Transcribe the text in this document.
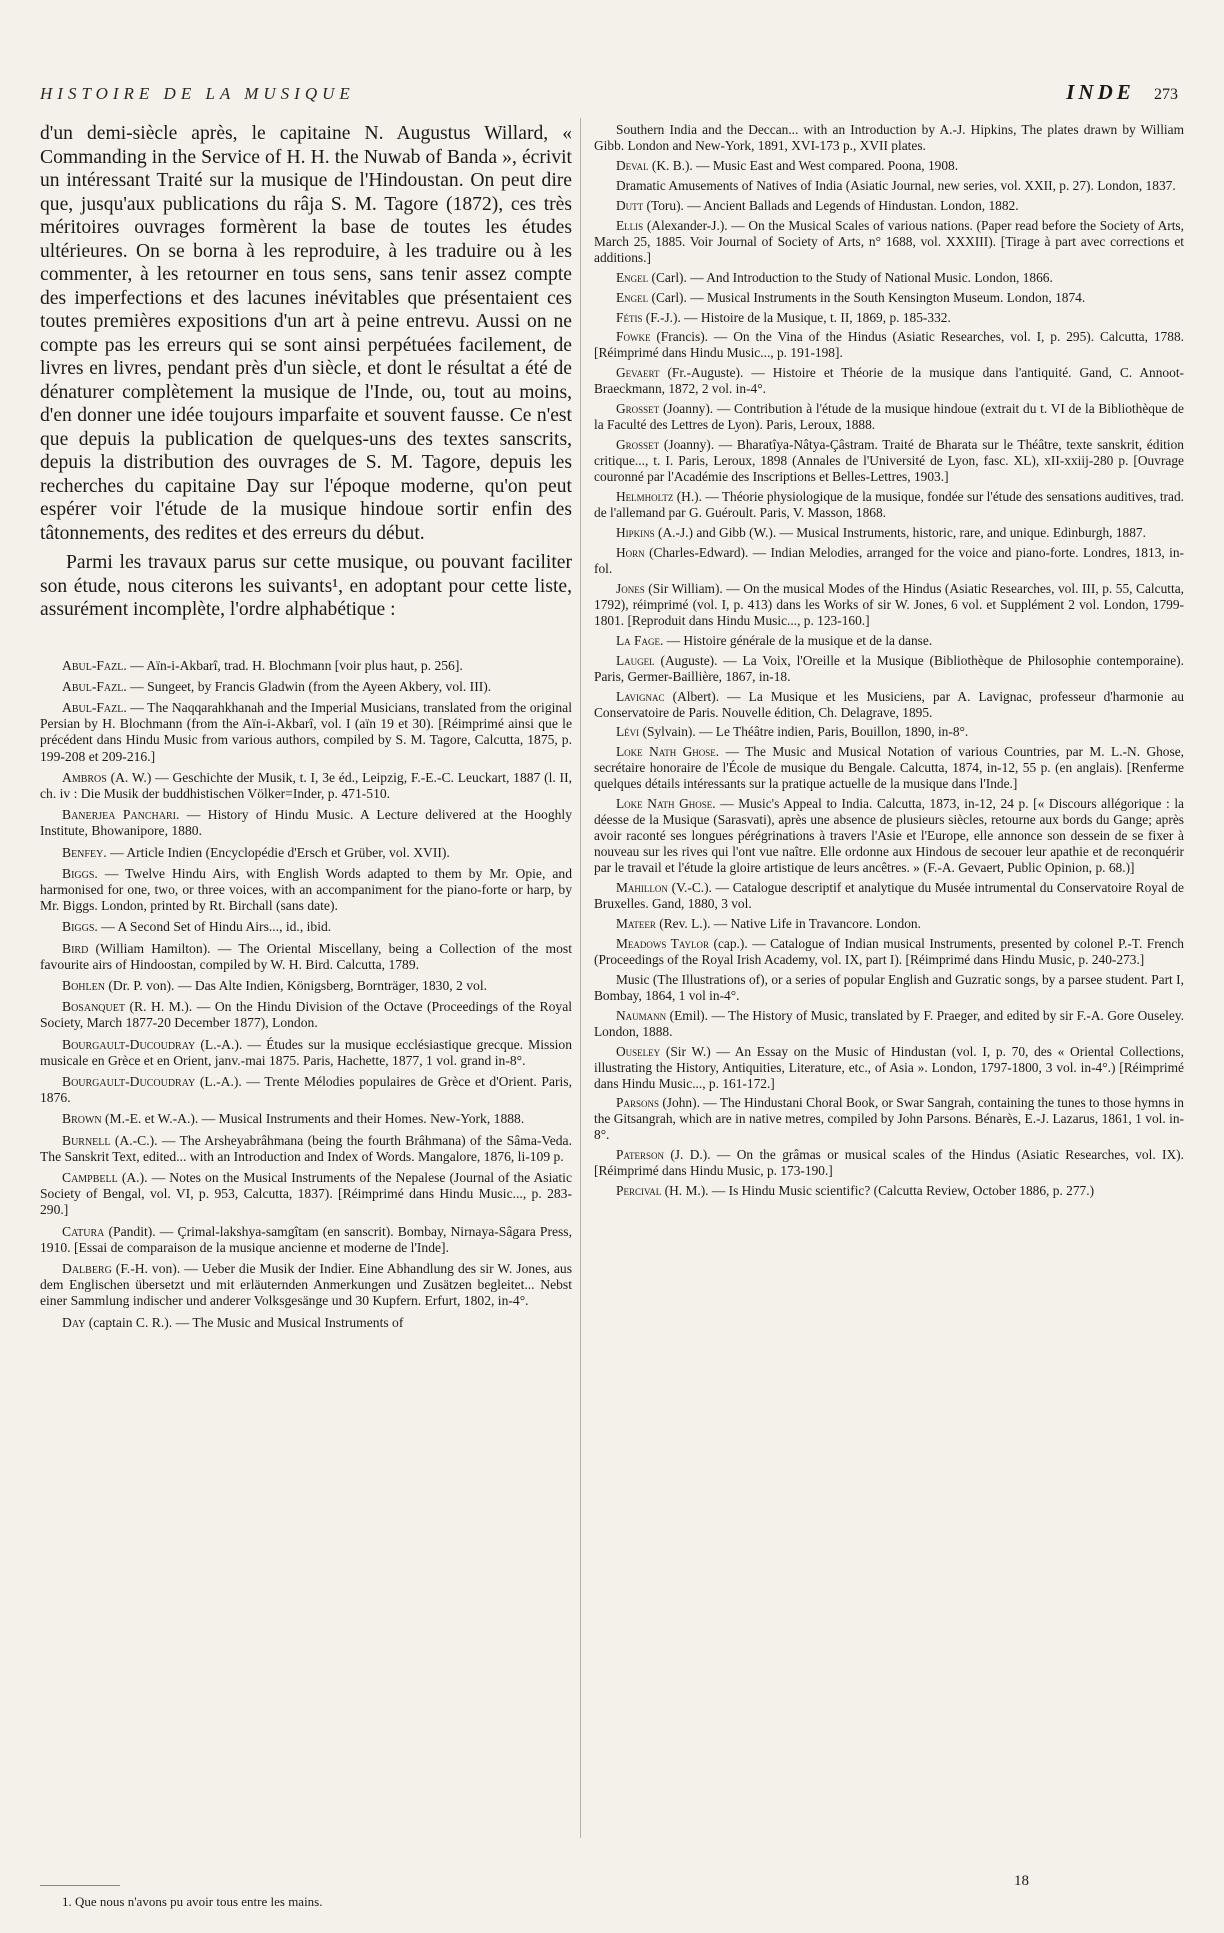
HISTOIRE DE LA MUSIQUE	INDE 273

d'un demi-siècle après, le capitaine N. Augustus Willard, « Commanding in the Service of H. H. the Nuwab of Banda », écrivit un intéressant Traité sur la musique de l'Hindoustan. On peut dire que, jusqu'aux publications du râja S. M. Tagore (1872), ces très méritoires ouvrages formèrent la base de toutes les études ultérieures. On se borna à les reproduire, à les traduire ou à les commenter, à les retourner en tous sens, sans tenir assez compte des imperfections et des lacunes inévitables que présentaient ces toutes premières expositions d'un art à peine entrevu. Aussi on ne compte pas les erreurs qui se sont ainsi perpétuées facilement, de livres en livres, pendant près d'un siècle, et dont le résultat a été de dénaturer complètement la musique de l'Inde, ou, tout au moins, d'en donner une idée toujours imparfaite et souvent fausse. Ce n'est que depuis la publication de quelques-uns des textes sanscrits, depuis la distribution des ouvrages de S. M. Tagore, depuis les recherches du capitaine Day sur l'époque moderne, qu'on peut espérer voir l'étude de la musique hindoue sortir enfin des tâtonnements, des redites et des erreurs du début.

Parmi les travaux parus sur cette musique, ou pouvant faciliter son étude, nous citerons les suivants¹, en adoptant pour cette liste, assurément incomplète, l'ordre alphabétique :

Abul-Fazl. — Aïn-i-Akbarî, trad. H. Blochmann [voir plus haut, p. 256].

Abul-Fazl. — Sungeet, by Francis Gladwin (from the Ayeen Akbery, vol. III).

Abul-Fazl. — The Naqqarahkhanah and the Imperial Musicians, translated from the original Persian by H. Blochmann (from the Aïn-i-Akbarî, vol. I (aïn 19 et 30). [Réimprimé ainsi que le précédent dans Hindu Music from various authors, compiled by S. M. Tagore, Calcutta, 1875, p. 199-208 et 209-216.]

Ambros (A. W.) — Geschichte der Musik, t. I, 3e éd., Leipzig, F.-E.-C. Leuckart, 1887 (l. II, ch. iv : Die Musik der buddhistischen Völker=Inder, p. 471-510.

Banerjea Panchari. — History of Hindu Music. A Lecture delivered at the Hooghly Institute, Bhowanipore, 1880.

Benfey. — Article Indien (Encyclopédie d'Ersch et Grüber, vol. XVII).

Biggs. — Twelve Hindu Airs, with English Words adapted to them by Mr. Opie, and harmonised for one, two, or three voices, with an accompaniment for the piano-forte or harp, by Mr. Biggs. London, printed by Rt. Birchall (sans date).

Biggs. — A Second Set of Hindu Airs..., id., ibid.

Bird (William Hamilton). — The Oriental Miscellany, being a Collection of the most favourite airs of Hindoostan, compiled by W. H. Bird. Calcutta, 1789.

Bohlen (Dr. P. von). — Das Alte Indien, Königsberg, Bornträger, 1830, 2 vol.

Bosanquet (R. H. M.). — On the Hindu Division of the Octave (Proceedings of the Royal Society, March 1877-20 December 1877), London.

Bourgault-Ducoudray (L.-A.). — Études sur la musique ecclésiastique grecque. Mission musicale en Grèce et en Orient, janv.-mai 1875. Paris, Hachette, 1877, 1 vol. grand in-8°.

Bourgault-Ducoudray (L.-A.). — Trente Mélodies populaires de Grèce et d'Orient. Paris, 1876.

Brown (M.-E. et W.-A.). — Musical Instruments and their Homes. New-York, 1888.

Burnell (A.-C.). — The Arsheyabrâhmana (being the fourth Brâhmana) of the Sâma-Veda. The Sanskrit Text, edited... with an Introduction and Index of Words. Mangalore, 1876, li-109 p.

Campbell (A.). — Notes on the Musical Instruments of the Nepalese (Journal of the Asiatic Society of Bengal, vol. VI, p. 953, Calcutta, 1837). [Réimprimé dans Hindu Music..., p. 283-290.]

Catura (Pandit). — Çrimal-lakshya-samgîtam (en sanscrit). Bombay, Nirnaya-Sâgara Press, 1910. [Essai de comparaison de la musique ancienne et moderne de l'Inde].

Dalberg (F.-H. von). — Ueber die Musik der Indier. Eine Abhandlung des sir W. Jones, aus dem Englischen übersetzt und mit erläuternden Anmerkungen und Zusätzen begleitet... Nebst einer Sammlung indischer und anderer Volksgesänge und 30 Kupfern. Erfurt, 1802, in-4°.

Day (captain C. R.). — The Music and Musical Instruments of

Southern India and the Deccan... with an Introduction by A.-J. Hipkins, The plates drawn by William Gibb. London and New-York, 1891, XVI-173 p., XVII plates.

Deval (K. B.). — Music East and West compared. Poona, 1908.

Dramatic Amusements of Natives of India (Asiatic Journal, new series, vol. XXII, p. 27). London, 1837.

Dutt (Toru). — Ancient Ballads and Legends of Hindustan. London, 1882.

Ellis (Alexander-J.). — On the Musical Scales of various nations. (Paper read before the Society of Arts, March 25, 1885. Voir Journal of Society of Arts, n° 1688, vol. XXXIII). [Tirage à part avec corrections et additions.]

Engel (Carl). — And Introduction to the Study of National Music. London, 1866.

Engel (Carl). — Musical Instruments in the South Kensington Museum. London, 1874.

Fétis (F.-J.). — Histoire de la Musique, t. II, 1869, p. 185-332.

Fowke (Francis). — On the Vina of the Hindus (Asiatic Researches, vol. I, p. 295). Calcutta, 1788. [Réimprimé dans Hindu Music..., p. 191-198].

Gevaert (Fr.-Auguste). — Histoire et Théorie de la musique dans l'antiquité. Gand, C. Annoot-Braeckmann, 1872, 2 vol. in-4°.

Grosset (Joanny). — Contribution à l'étude de la musique hindoue (extrait du t. VI de la Bibliothèque de la Faculté des Lettres de Lyon). Paris, Leroux, 1888.

Grosset (Joanny). — Bharatîya-Nâtya-Çâstram. Traité de Bharata sur le Théâtre, texte sanskrit, édition critique..., t. I. Paris, Leroux, 1898 (Annales de l'Université de Lyon, fasc. XL), xII-xxiij-280 p. [Ouvrage couronné par l'Académie des Inscriptions et Belles-Lettres, 1903.]

Helmholtz (H.). — Théorie physiologique de la musique, fondée sur l'étude des sensations auditives, trad. de l'allemand par G. Guéroult. Paris, V. Masson, 1868.

Hipkins (A.-J.) and Gibb (W.). — Musical Instruments, historic, rare, and unique. Edinburgh, 1887.

Horn (Charles-Edward). — Indian Melodies, arranged for the voice and piano-forte. Londres, 1813, in-fol.

Jones (Sir William). — On the musical Modes of the Hindus (Asiatic Researches, vol. III, p. 55, Calcutta, 1792), réimprimé (vol. I, p. 413) dans les Works of sir W. Jones, 6 vol. et Supplément 2 vol. London, 1799-1801. [Reproduit dans Hindu Music..., p. 123-160.]

La Fage. — Histoire générale de la musique et de la danse.

Laugel (Auguste). — La Voix, l'Oreille et la Musique (Bibliothèque de Philosophie contemporaine). Paris, Germer-Baillière, 1867, in-18.

Lavignac (Albert). — La Musique et les Musiciens, par A. Lavignac, professeur d'harmonie au Conservatoire de Paris. Nouvelle édition, Ch. Delagrave, 1895.

Lévi (Sylvain). — Le Théâtre indien, Paris, Bouillon, 1890, in-8°.

Loke Nath Ghose. — The Music and Musical Notation of various Countries, par M. L.-N. Ghose, secrétaire honoraire de l'École de musique du Bengale. Calcutta, 1874, in-12, 55 p. (en anglais). [Renferme quelques détails intéressants sur la pratique actuelle de la musique dans l'Inde.]

Loke Nath Ghose. — Music's Appeal to India. Calcutta, 1873, in-12, 24 p. [« Discours allégorique : la déesse de la Musique (Sarasvati), après une absence de plusieurs siècles, retourne aux bords du Gange; après avoir raconté ses longues pérégrinations à travers l'Asie et l'Europe, elle annonce son dessein de se fixer à nouveau sur les rives qui l'ont vue naître. Elle ordonne aux Hindous de secouer leur apathie et de reconquérir par le travail et l'étude la gloire artistique de leurs ancêtres. » (F.-A. Gevaert, Public Opinion, p. 68.)]

Mahillon (V.-C.). — Catalogue descriptif et analytique du Musée intrumental du Conservatoire Royal de Bruxelles. Gand, 1880, 3 vol.

Mateer (Rev. L.). — Native Life in Travancore. London.

Meadows Taylor (cap.). — Catalogue of Indian musical Instruments, presented by colonel P.-T. French (Proceedings of the Royal Irish Academy, vol. IX, part I). [Réimprimé dans Hindu Music, p. 240-273.]

Music (The Illustrations of), or a series of popular English and Guzratic songs, by a parsee student. Part I, Bombay, 1864, 1 vol in-4°.

Naumann (Emil). — The History of Music, translated by F. Praeger, and edited by sir F.-A. Gore Ouseley. London, 1888.

Ouseley (Sir W.) — An Essay on the Music of Hindustan (vol. I, p. 70, des « Oriental Collections, illustrating the History, Antiquities, Literature, etc., of Asia ». London, 1797-1800, 3 vol. in-4°.) [Réimprimé dans Hindu Music..., p. 161-172.]

Parsons (John). — The Hindustani Choral Book, or Swar Sangrah, containing the tunes to those hymns in the Gitsangrah, which are in native metres, compiled by John Parsons. Bénarès, E.-J. Lazarus, 1861, 1 vol. in-8°.

Paterson (J. D.). — On the grâmas or musical scales of the Hindus (Asiatic Researches, vol. IX). [Réimprimé dans Hindu Music, p. 173-190.]

Percival (H. M.). — Is Hindu Music scientific? (Calcutta Review, October 1886, p. 277.)

1. Que nous n'avons pu avoir tous entre les mains.
18
